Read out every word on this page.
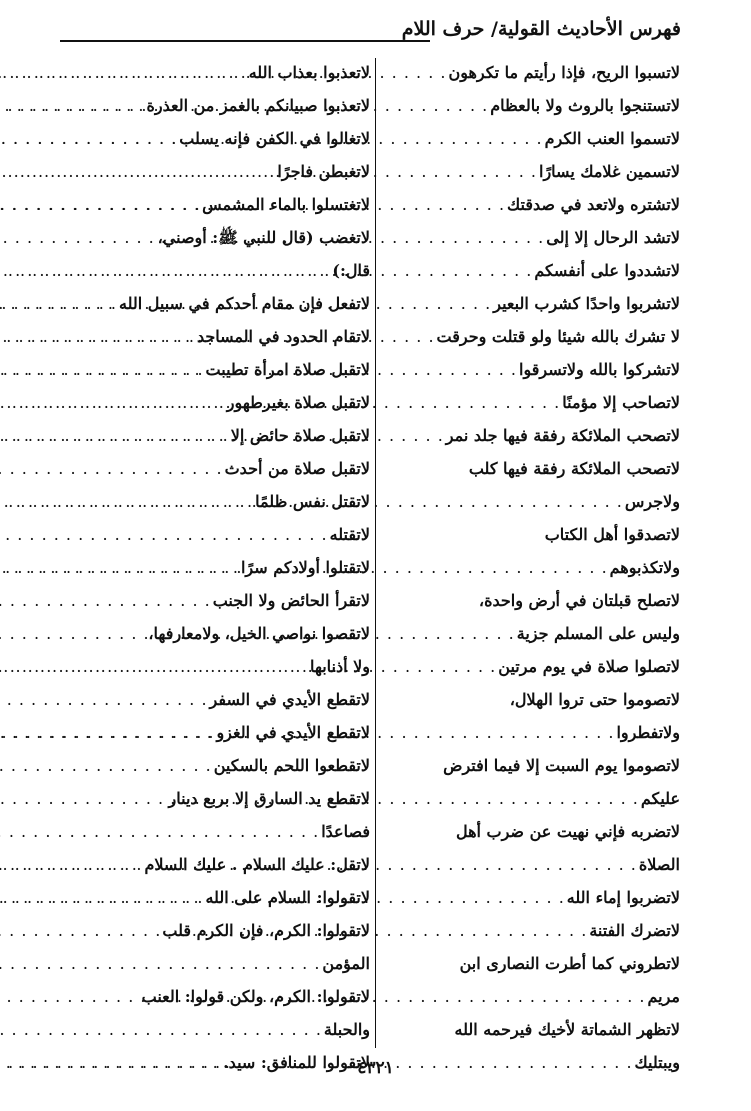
فهرس الأحاديث القولية/ حرف اللام
لاتسبوا الريح، فإذا رأيتم ما تكرهون
. . .
لاتستنجوا بالروث ولا بالعظام
. . .
لاتسموا العنب الكرم
. . .
لاتسمين غلامك يسارًا
. . .
لاتشتره ولاتعد في صدقتك
. . .
لاتشد الرحال إلا إلى
. . .
لاتشددوا على أنفسكم
. . .
لاتشربوا واحدًا كشرب البعير
. . .
لا تشرك بالله شيئا ولو قتلت وحرقت
. . .
لاتشركوا بالله ولاتسرقوا
. . .
لاتصاحب إلا مؤمنًا
. . .
لاتصحب الملائكة رفقة فيها جلد نمر
. . .
لاتصحب الملائكة رفقة فيها كلب
ولاجرس
. . .
لاتصدقوا أهل الكتاب
ولاتكذبوهم
. . .
لاتصلح قبلتان في أرض واحدة،
وليس على المسلم جزية
. . .
لاتصلوا صلاة في يوم مرتين
. . .
لاتصوموا حتى تروا الهلال،
ولاتفطروا
. . .
لاتصوموا يوم السبت إلا فيما افترض
عليكم
. . .
لاتضربه فإني نهيت عن ضرب أهل
الصلاة
. . .
لاتضربوا إماء الله
. . .
لاتضرك الفتنة
. . .
لاتطروني كما أطرت النصارى ابن
مريم
. . .
لاتظهر الشماتة لأخيك فيرحمه الله
ويبتليك
. . .
لاتعذبوا بعذاب الله
. . .
لاتعذبوا صبيانكم بالغمز من العذرة
. . .
لاتغالوا في الكفن فإنه يسلب
. . .
لاتغبطن فاجرًا
. . .
لاتغتسلوا بالماء المشمس
. . .
لاتغضب (قال للنبي ﷺ: أوصني،
قال:)
. . .
لاتفعل فإن مقام أحدكم في سبيل الله
. . .
لاتقام الحدود في المساجد
. . .
لاتقبل صلاة امرأة تطيبت
. . .
لاتقبل صلاة بغيرطهور
. . .
لاتقبل صلاة حائض إلا
. . .
لاتقبل صلاة من أحدث
. . .
لاتقتل نفس ظلمًا
. . .
لاتقتله
. . .
لاتقتلوا أولادكم سرًا
. . .
لاتقرأ الحائض ولا الجنب
. . .
لاتقصوا نواصي الخيل، ولامعارفها،
ولا أذنابها
. . .
لاتقطع الأيدي في السفر
. . .
لاتقطع الأيدي في الغزو
. . .
لاتقطعوا اللحم بالسكين
. . .
لاتقطع يد السارق إلا بربع دينار
فصاعدًا
. . .
لاتقل: عليك السلام . عليك السلام
. . .
لاتقولوا: السلام على الله
. . .
لاتقولوا: الكرم، فإن الكرم قلب
المؤمن
. . .
لاتقولوا: الكرم، ولكن قولوا: العنب
والحبلة
. . .
لاتقولوا للمنافق: سيد.
. . .
٤٣٢١
